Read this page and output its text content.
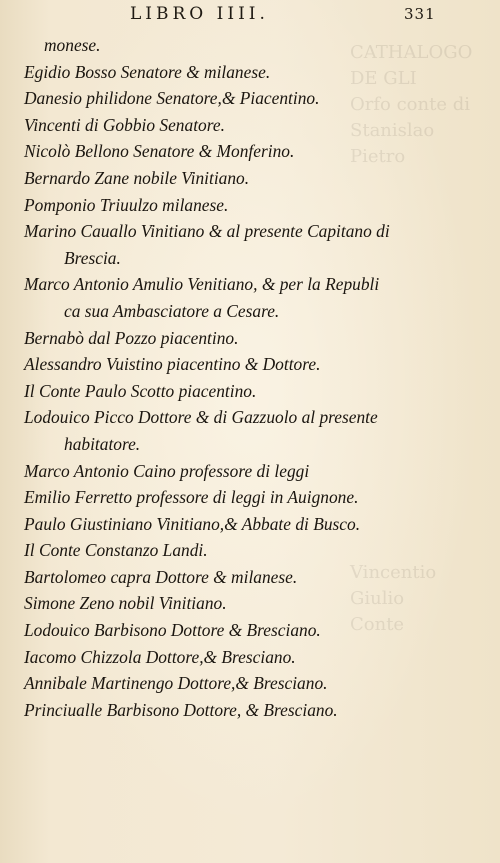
CATHALOGO DE GLI
Orfo conte di
Stanislao
Pietro
Vincentio
Giulio
Conte
LIBRO IIII.	331
monese.
Egidio Bosso Senatore & milanese.
Danesio philidone Senatore,& Piacentino.
Vincenti di Gobbio Senatore.
Nicolò Bellono Senatore & Monferino.
Bernardo Zane nobile Vinitiano.
Pomponio Triuulzo milanese.
Marino Cauallo Vinitiano & al presente Capitano di
Brescia.
Marco Antonio Amulio Venitiano, & per la Republi
ca sua Ambasciatore a Cesare.
Bernabò dal Pozzo piacentino.
Alessandro Vuistino piacentino & Dottore.
Il Conte Paulo Scotto piacentino.
Lodouico Picco Dottore & di Gazzuolo al presente
habitatore.
Marco Antonio Caino professore di leggi
Emilio Ferretto professore di leggi in Auignone.
Paulo Giustiniano Vinitiano,& Abbate di Busco.
Il Conte Constanzo Landi.
Bartolomeo capra Dottore & milanese.
Simone Zeno nobil Vinitiano.
Lodouico Barbisono Dottore & Bresciano.
Iacomo Chizzola Dottore,& Bresciano.
Annibale Martinengo Dottore,& Bresciano.
Princiualle Barbisono Dottore, & Bresciano.
